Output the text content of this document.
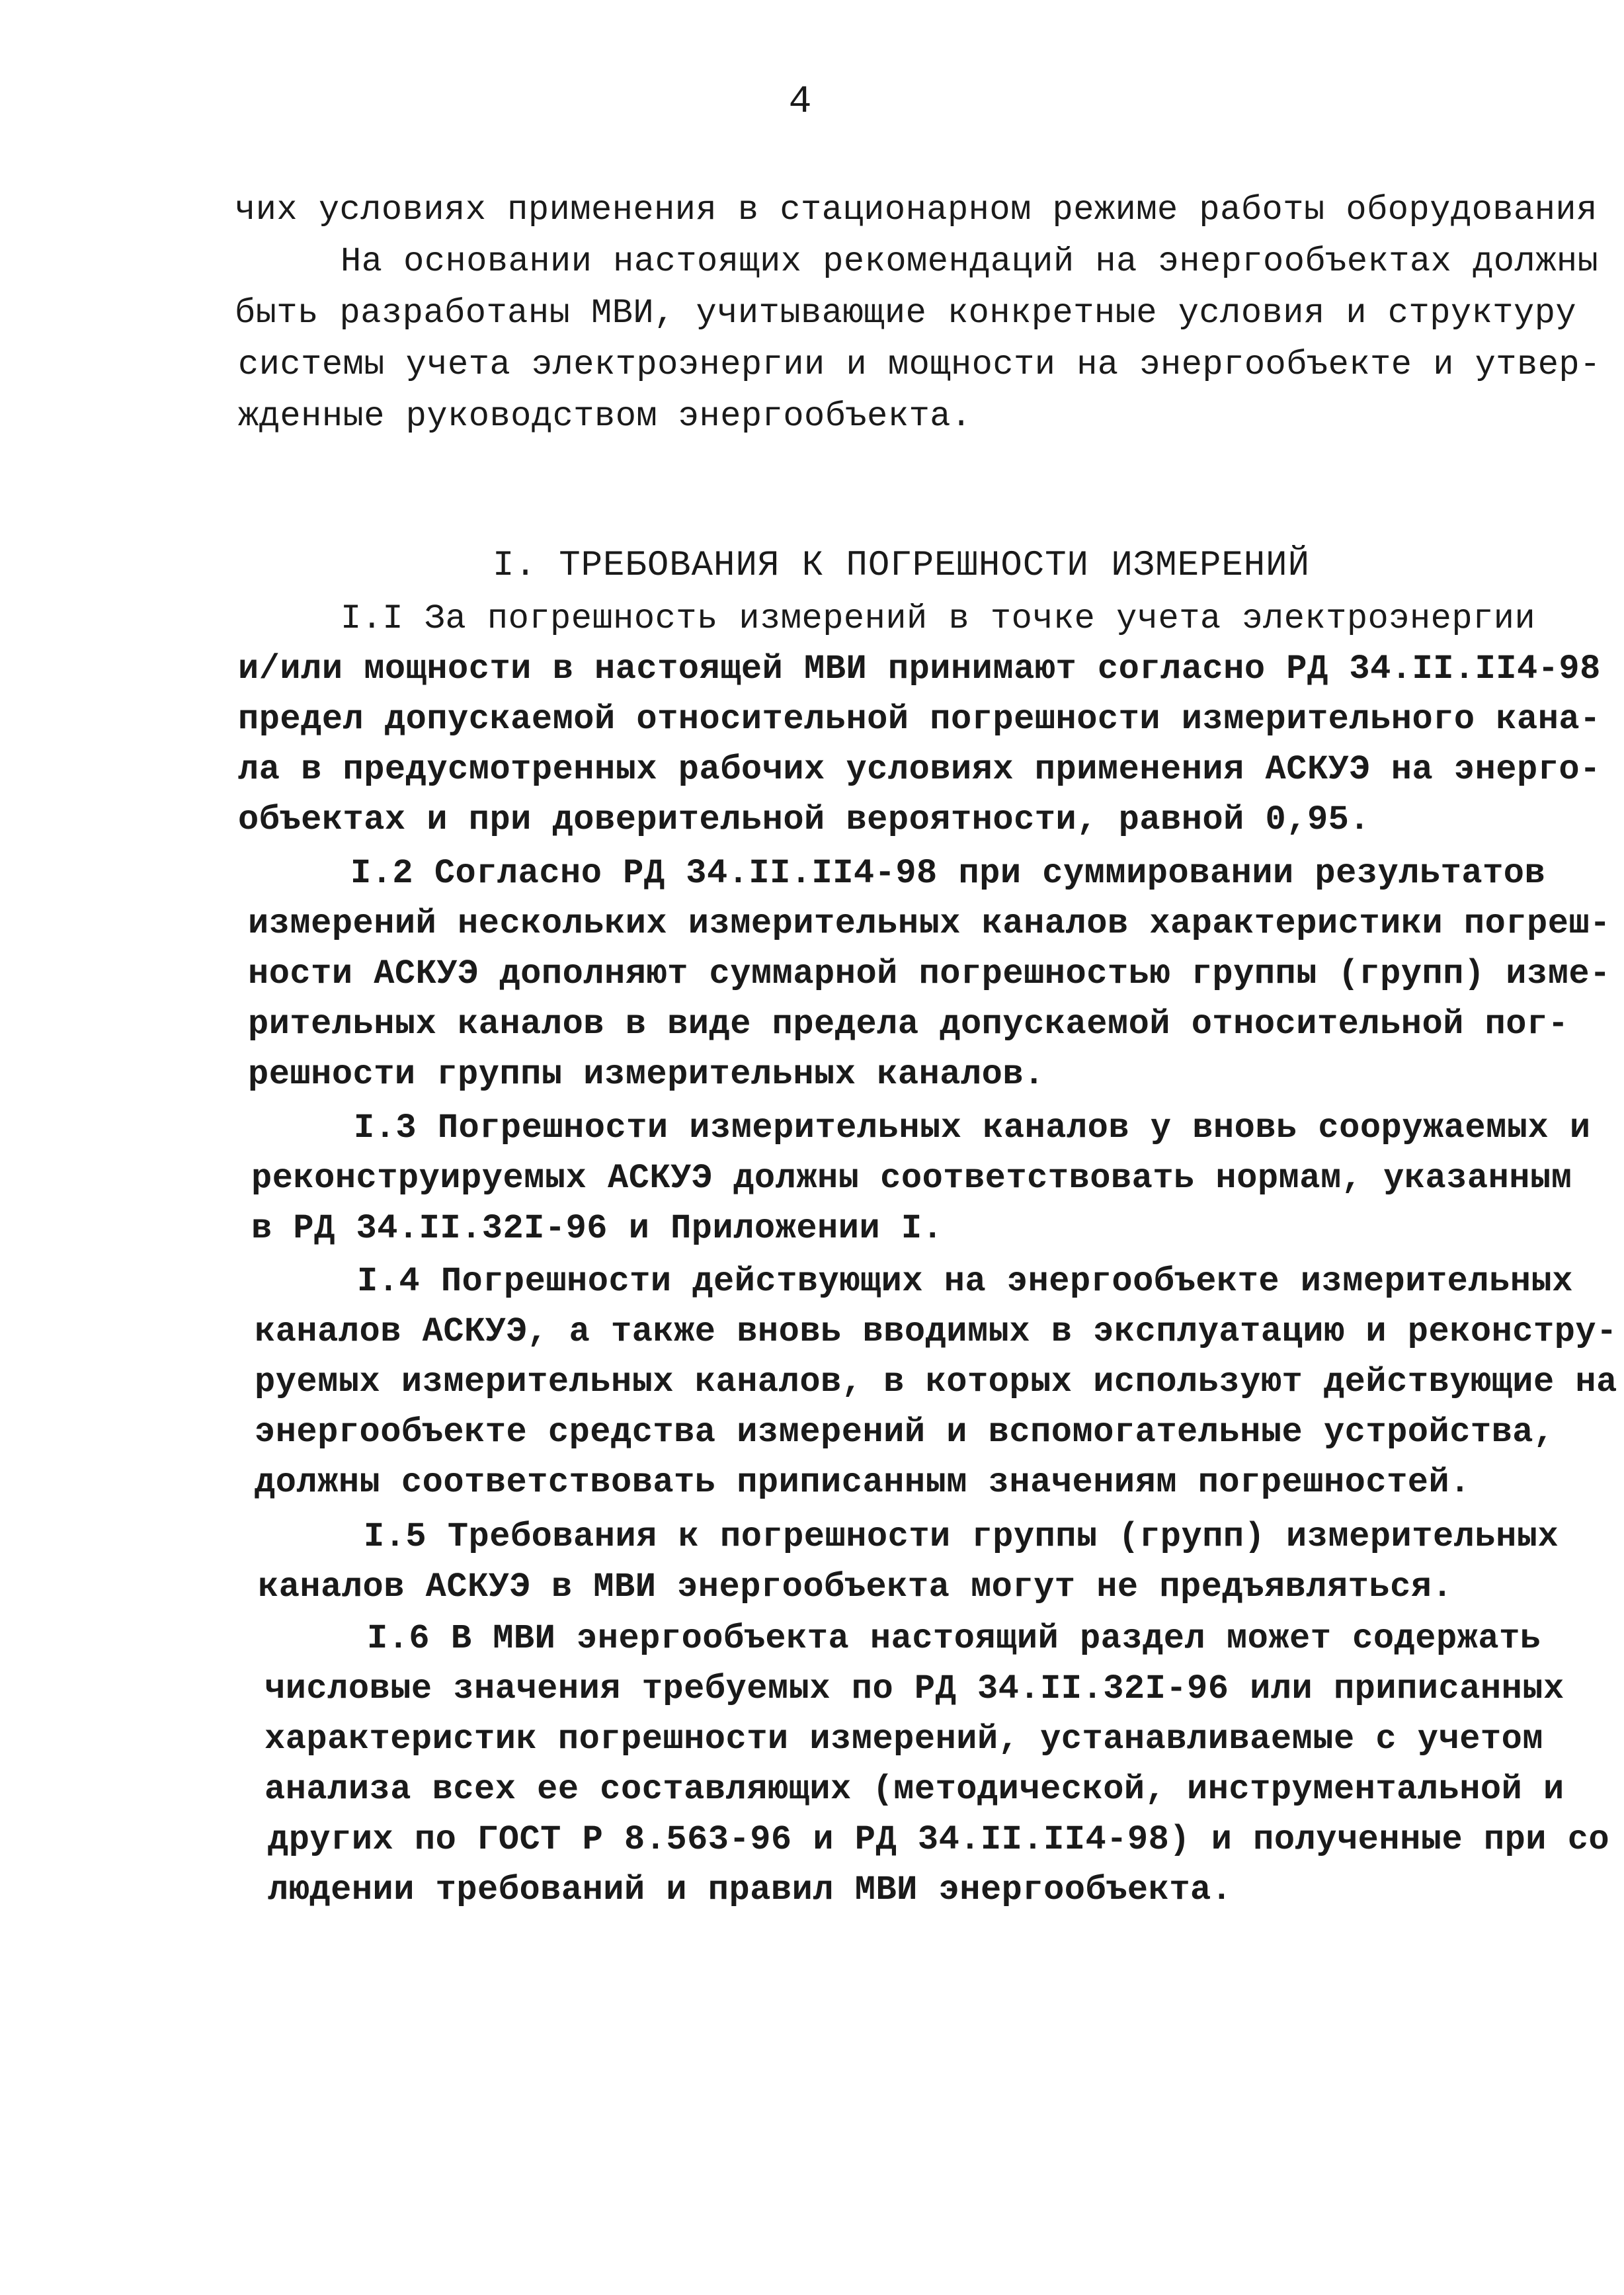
4
чих условиях применения в стационарном режиме работы оборудования
На основании настоящих рекомендаций на энергообъектах должны
быть разработаны МВИ, учитывающие конкретные условия и структуру
системы учета электроэнергии и мощности на энергообъекте и утвер-
жденные руководством энергообъекта.
I. ТРЕБОВАНИЯ К ПОГРЕШНОСТИ ИЗМЕРЕНИЙ
I.I За погрешность измерений в точке учета электроэнергии
и/или мощности в настоящей МВИ принимают согласно РД 34.II.II4-98
предел допускаемой относительной погрешности измерительного кана-
ла в предусмотренных рабочих условиях применения АСКУЭ на энерго-
объектах и при доверительной вероятности, равной 0,95.
I.2 Согласно РД 34.II.II4-98 при суммировании результатов
измерений нескольких измерительных каналов характеристики погреш-
ности АСКУЭ дополняют суммарной погрешностью группы (групп) изме-
рительных каналов в виде предела допускаемой относительной пог-
решности группы измерительных каналов.
I.3 Погрешности измерительных каналов у вновь сооружаемых и
реконструируемых АСКУЭ должны соответствовать нормам, указанным
в РД 34.II.32I-96 и Приложении I.
I.4 Погрешности действующих на энергообъекте измерительных
каналов АСКУЭ, а также вновь вводимых в эксплуатацию и реконстру-
руемых измерительных каналов, в которых используют действующие на
энергообъекте средства измерений и вспомогательные устройства,
должны соответствовать приписанным значениям погрешностей.
I.5 Требования к погрешности группы (групп) измерительных
каналов АСКУЭ в МВИ энергообъекта могут не предъявляться.
I.6 В МВИ энергообъекта настоящий раздел может содержать
числовые значения требуемых по РД 34.II.32I-96 или приписанных
характеристик погрешности измерений, устанавливаемые с учетом
анализа всех ее составляющих (методической, инструментальной и
других по ГОСТ Р 8.563-96 и РД 34.II.II4-98) и полученные при со
людении требований и правил МВИ энергообъекта.
